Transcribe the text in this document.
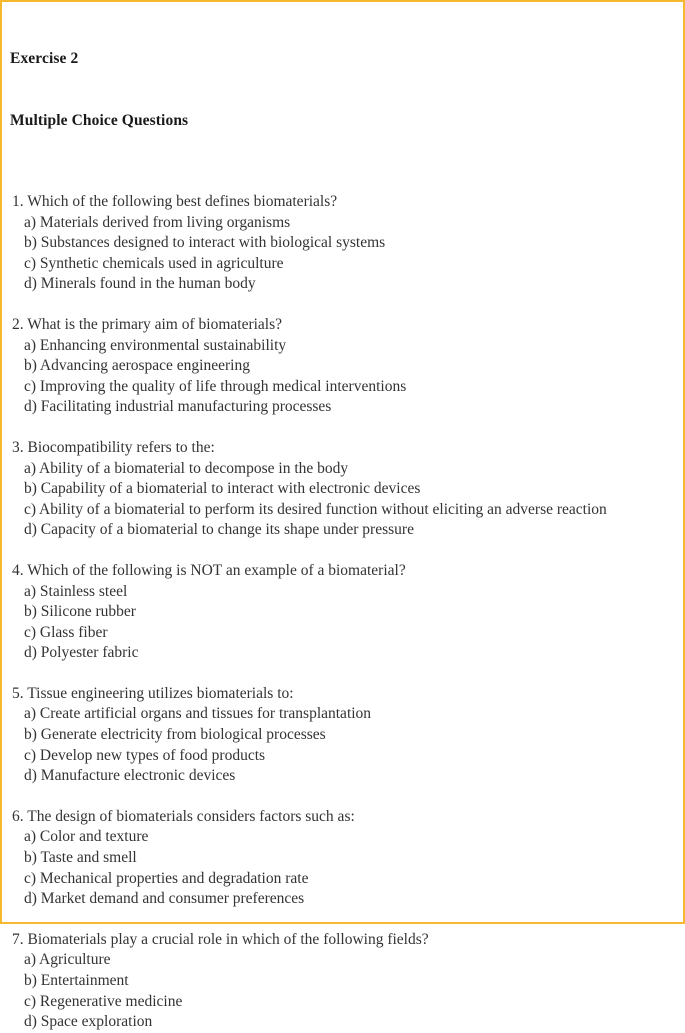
Exercise 2

Multiple Choice Questions

1. Which of the following best defines biomaterials?
a) Materials derived from living organisms
b) Substances designed to interact with biological systems
c) Synthetic chemicals used in agriculture
d) Minerals found in the human body
2. What is the primary aim of biomaterials?
a) Enhancing environmental sustainability
b) Advancing aerospace engineering
c) Improving the quality of life through medical interventions
d) Facilitating industrial manufacturing processes
3. Biocompatibility refers to the:
a) Ability of a biomaterial to decompose in the body
b) Capability of a biomaterial to interact with electronic devices
c) Ability of a biomaterial to perform its desired function without eliciting an adverse reaction
d) Capacity of a biomaterial to change its shape under pressure
4. Which of the following is NOT an example of a biomaterial?
a) Stainless steel
b) Silicone rubber
c) Glass fiber
d) Polyester fabric
5. Tissue engineering utilizes biomaterials to:
a) Create artificial organs and tissues for transplantation
b) Generate electricity from biological processes
c) Develop new types of food products
d) Manufacture electronic devices
6. The design of biomaterials considers factors such as:
a) Color and texture
b) Taste and smell
c) Mechanical properties and degradation rate
d) Market demand and consumer preferences
7. Biomaterials play a crucial role in which of the following fields?
a) Agriculture
b) Entertainment
c) Regenerative medicine
d) Space exploration
